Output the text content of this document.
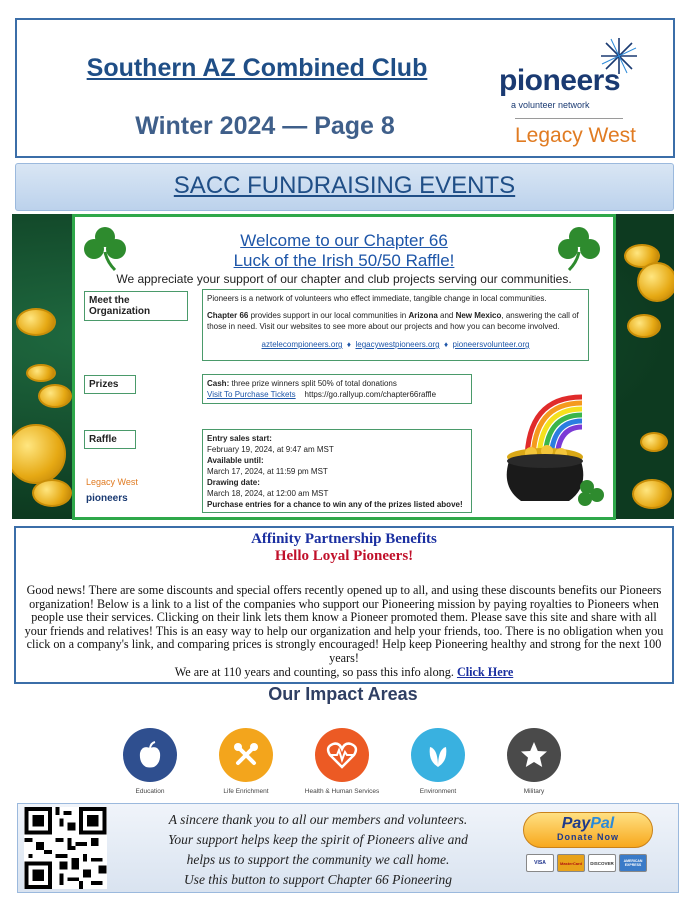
Southern AZ Combined Club
Winter 2024 — Page 8
pioneers
a volunteer network
Legacy West
SACC FUNDRAISING EVENTS
Welcome to our Chapter 66
Luck of the Irish 50/50 Raffle!
We appreciate your support of our chapter and club projects serving our communities.
Meet the Organization
Pioneers is a network of volunteers who effect immediate, tangible change in local communities.
Chapter 66 provides support in our local communities in Arizona and New Mexico, answering the call of those in need. Visit our websites to see more about our projects and how you can become involved.
aztelecompioneers.org ♦ legacywestpioneers.org ♦ pioneersvolunteer.org
Prizes	Cash: three prize winners split 50% of total donations
Visit To Purchase Tickets https://go.rallyup.com/chapter66raffle
Raffle	Entry sales start:
February 19, 2024, at 9:47 am MST
Available until:
March 17, 2024, at 11:59 pm MST
Drawing date:
March 18, 2024, at 12:00 am MST
Purchase entries for a chance to win any of the prizes listed above!
Legacy West
pioneers
Affinity Partnership Benefits
Hello Loyal Pioneers!
Good news! There are some discounts and special offers recently opened up to all, and using these discounts benefits our Pioneers organization! Below is a link to a list of the companies who support our Pioneering mission by paying royalties to Pioneers when people use their services. Clicking on their link lets them know a Pioneer promoted them. Please save this site and share with all your friends and relatives! This is an easy way to help our organization and help your friends, too. There is no obligation when you click on a company's link, and comparing prices is strongly encouraged! Help keep Pioneering healthy and strong for the next 100 years!
We are at 110 years and counting, so pass this info along. Click Here
Our Impact Areas
Education	Life Enrichment	Health & Human Services	Environment	Military
A sincere thank you to all our members and volunteers.
Your support helps keep the spirit of Pioneers alive and
helps us to support the community we call home.
Use this button to support Chapter 66 Pioneering
PayPal
Donate Now
VISA	MasterCard	DISCOVER	AMERICAN EXPRESS
